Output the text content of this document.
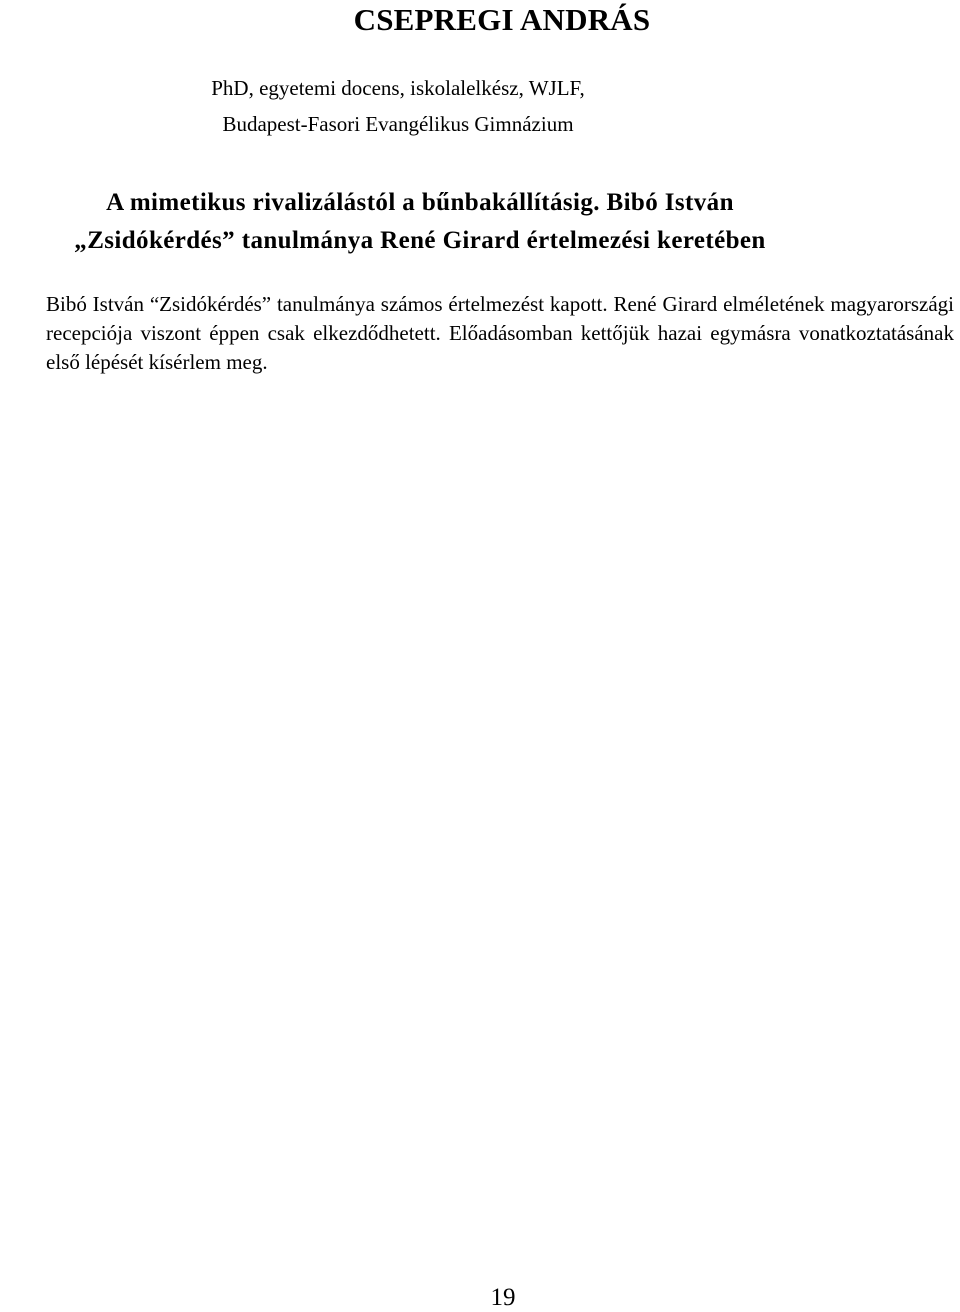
CSEPREGI ANDRÁS
PhD, egyetemi docens, iskolalelkész, WJLF,
Budapest-Fasori Evangélikus Gimnázium
A mimetikus rivalizálástól a bűnbakállításig. Bibó István
„Zsidókérdés” tanulmánya René Girard értelmezési keretében

Bibó István “Zsidókérdés” tanulmánya számos értelmezést kapott. René Girard elméletének magyarországi recepciója viszont éppen csak elkezdődhetett. Előadásomban kettőjük hazai egymásra vonatkoztatásának első lépését kísérlem meg.

19
